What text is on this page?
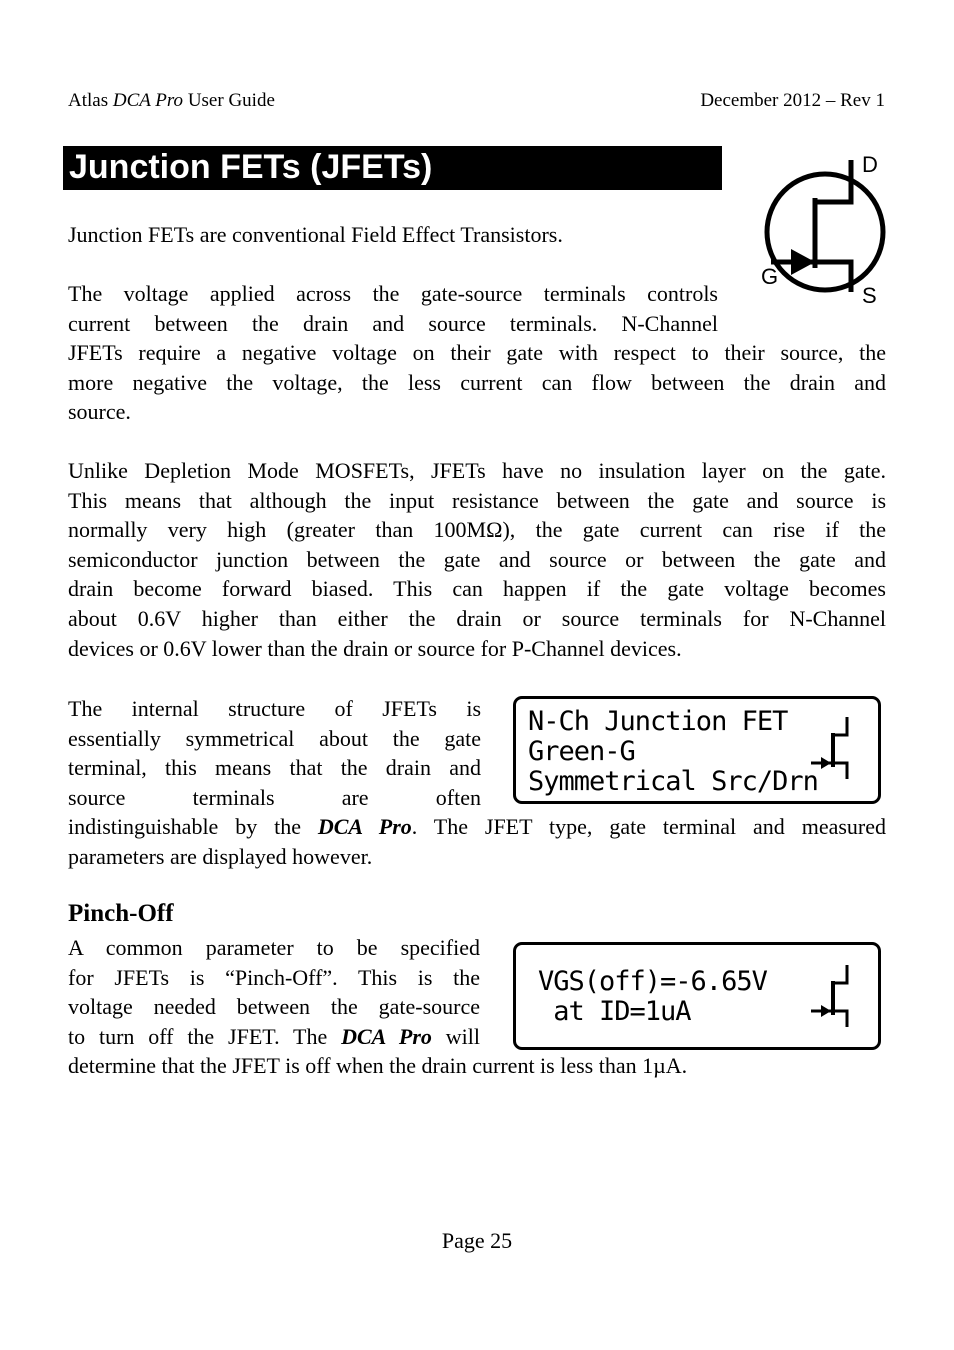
Atlas DCA Pro User Guide	December 2012 – Rev 1
Junction FETs (JFETs)	D
G
S
Junction FETs are conventional Field Effect Transistors.
The voltage applied across the gate-source terminals controls
current between the drain and source terminals. N-Channel
JFETs require a negative voltage on their gate with respect to their source, the
more negative the voltage, the less current can flow between the drain and
source.
Unlike Depletion Mode MOSFETs, JFETs have no insulation layer on the gate.
This means that although the input resistance between the gate and source is
normally very high (greater than 100MΩ), the gate current can rise if the
semiconductor junction between the gate and source or between the gate and
drain become forward biased. This can happen if the gate voltage becomes
about 0.6V higher than either the drain or source terminals for N-Channel
devices or 0.6V lower than the drain or source for P-Channel devices.
The internal structure of JFETs is
essentially symmetrical about the gate
terminal, this means that the drain and
source terminals are often
indistinguishable by the DCA Pro. The JFET type, gate terminal and measured
parameters are displayed however.
N-Ch Junction FET
Green-G
Symmetrical Src/Drn
Pinch-Off
A common parameter to be specified
for JFETs is “Pinch-Off”. This is the
voltage needed between the gate-source
to turn off the JFET. The DCA Pro will
determine that the JFET is off when the drain current is less than 1µA.
VGS(off)=-6.65V
at ID=1uA
Page 25
